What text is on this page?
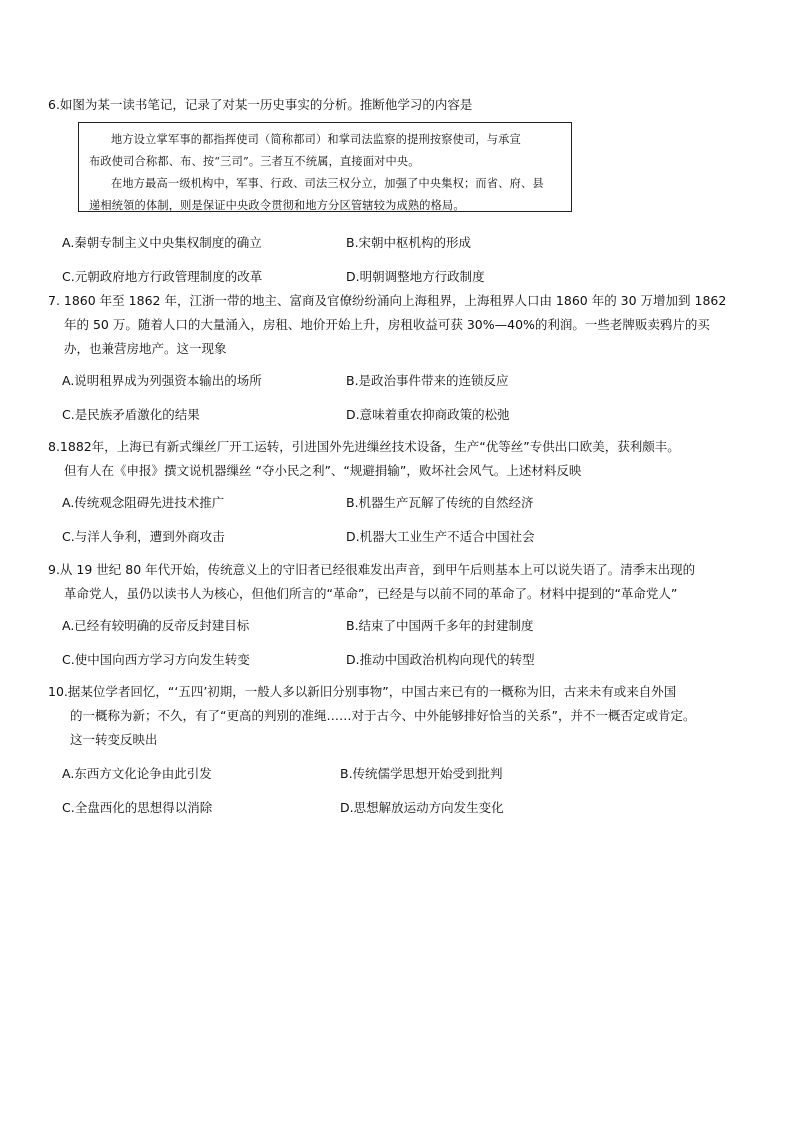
6.如图为某一读书笔记，记录了对某一历史事实的分析。推断他学习的内容是

地方设立掌军事的都指挥使司（简称都司）和掌司法监察的提刑按察使司，与承宣

布政使司合称都、布、按“三司”。三者互不统属，直接面对中央。

在地方最高一级机构中，军事、行政、司法三权分立，加强了中央集权；而省、府、县

递相统領的体制，则是保证中央政令贯彻和地方分区管辖较为成熟的格局。

A.秦朝专制主义中央集权制度的确立	B.宋朝中枢机构的形成
C.元朝政府地方行政管理制度的改革	D.明朝调整地方行政制度
7. 1860 年至 1862 年，江浙一带的地主、富商及官僚纷纷涌向上海租界，上海租界人口由 1860 年的 30 万增加到 1862
年的 50 万。随着人口的大量涌入，房租、地价开始上升，房租收益可获 30%—40%的利润。一些老牌贩卖鸦片的买
办，也兼营房地产。这一现象
A.说明租界成为列强资本输出的场所	B.是政治事件带来的连锁反应
C.是民族矛盾激化的结果	D.意味着重农抑商政策的松弛
8.1882年，上海已有新式缫丝厂开工运转，引进国外先进缫丝技术设备，生产“优等丝”专供出口欧美，获利颇丰。
但有人在《申报》撰文说机器缫丝 “夺小民之利”、“规避捐输”，败坏社会风气。上述材料反映
A.传统观念阻碍先进技术推广	B.机器生产瓦解了传统的自然经济
C.与洋人争利，遭到外商攻击	D.机器大工业生产不适合中国社会
9.从 19 世纪 80 年代开始，传统意义上的守旧者已经很难发出声音，到甲午后则基本上可以说失语了。清季末出现的
革命党人，虽仍以读书人为核心，但他们所言的“革命”，已经是与以前不同的革命了。材料中提到的“革命党人”
A.已经有较明确的反帝反封建目标	B.结束了中国两千多年的封建制度
C.使中国向西方学习方向发生转变	D.推动中国政治机构向现代的转型
10.据某位学者回忆，“‘五四’初期，一般人多以新旧分别事物”，中国古来已有的一概称为旧，古来未有或来自外国
的一概称为新；不久，有了“更高的判别的准绳……对于古今、中外能够排好恰当的关系”，并不一概否定或肯定。
这一转变反映出
A.东西方文化论争由此引发	B.传统儒学思想开始受到批判
C.全盘西化的思想得以消除	D.思想解放运动方向发生变化
